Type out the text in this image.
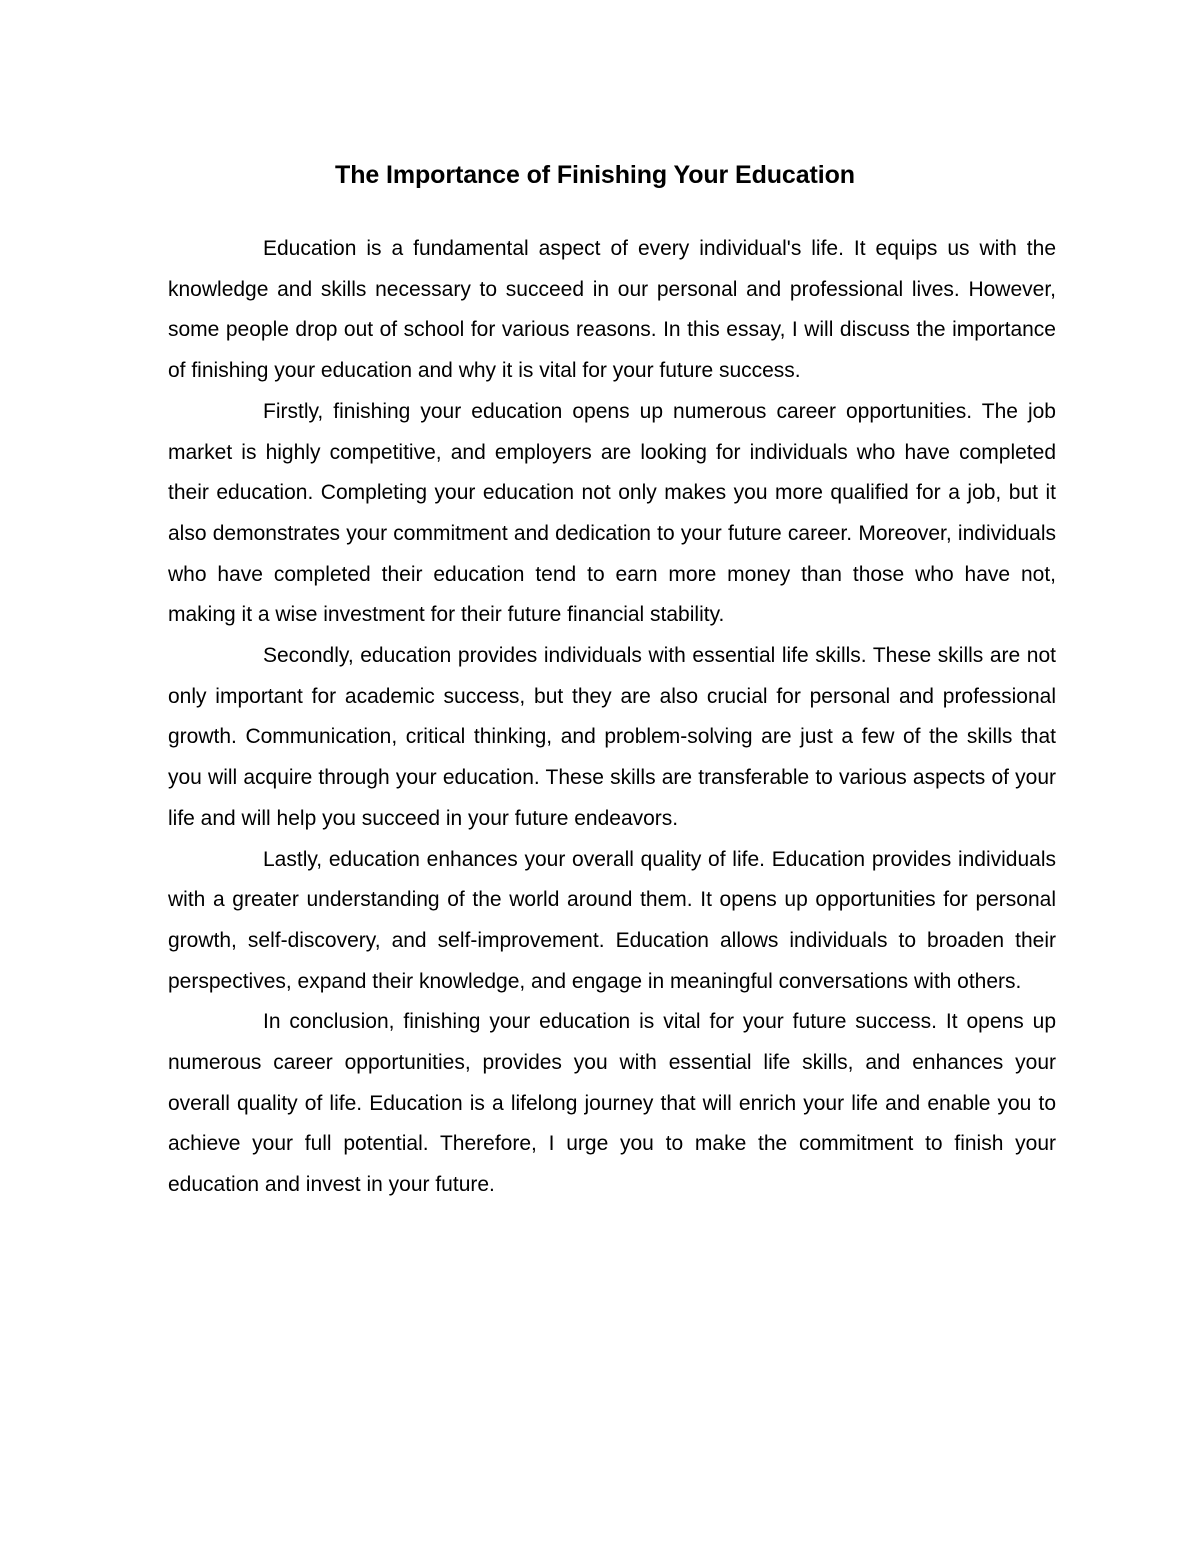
The Importance of Finishing Your Education

Education is a fundamental aspect of every individual's life. It equips us with the knowledge and skills necessary to succeed in our personal and professional lives. However, some people drop out of school for various reasons. In this essay, I will discuss the importance of finishing your education and why it is vital for your future success.

Firstly, finishing your education opens up numerous career opportunities. The job market is highly competitive, and employers are looking for individuals who have completed their education. Completing your education not only makes you more qualified for a job, but it also demonstrates your commitment and dedication to your future career. Moreover, individuals who have completed their education tend to earn more money than those who have not, making it a wise investment for their future financial stability.

Secondly, education provides individuals with essential life skills. These skills are not only important for academic success, but they are also crucial for personal and professional growth. Communication, critical thinking, and problem-solving are just a few of the skills that you will acquire through your education. These skills are transferable to various aspects of your life and will help you succeed in your future endeavors.

Lastly, education enhances your overall quality of life. Education provides individuals with a greater understanding of the world around them. It opens up opportunities for personal growth, self-discovery, and self-improvement. Education allows individuals to broaden their perspectives, expand their knowledge, and engage in meaningful conversations with others.

In conclusion, finishing your education is vital for your future success. It opens up numerous career opportunities, provides you with essential life skills, and enhances your overall quality of life. Education is a lifelong journey that will enrich your life and enable you to achieve your full potential. Therefore, I urge you to make the commitment to finish your education and invest in your future.
